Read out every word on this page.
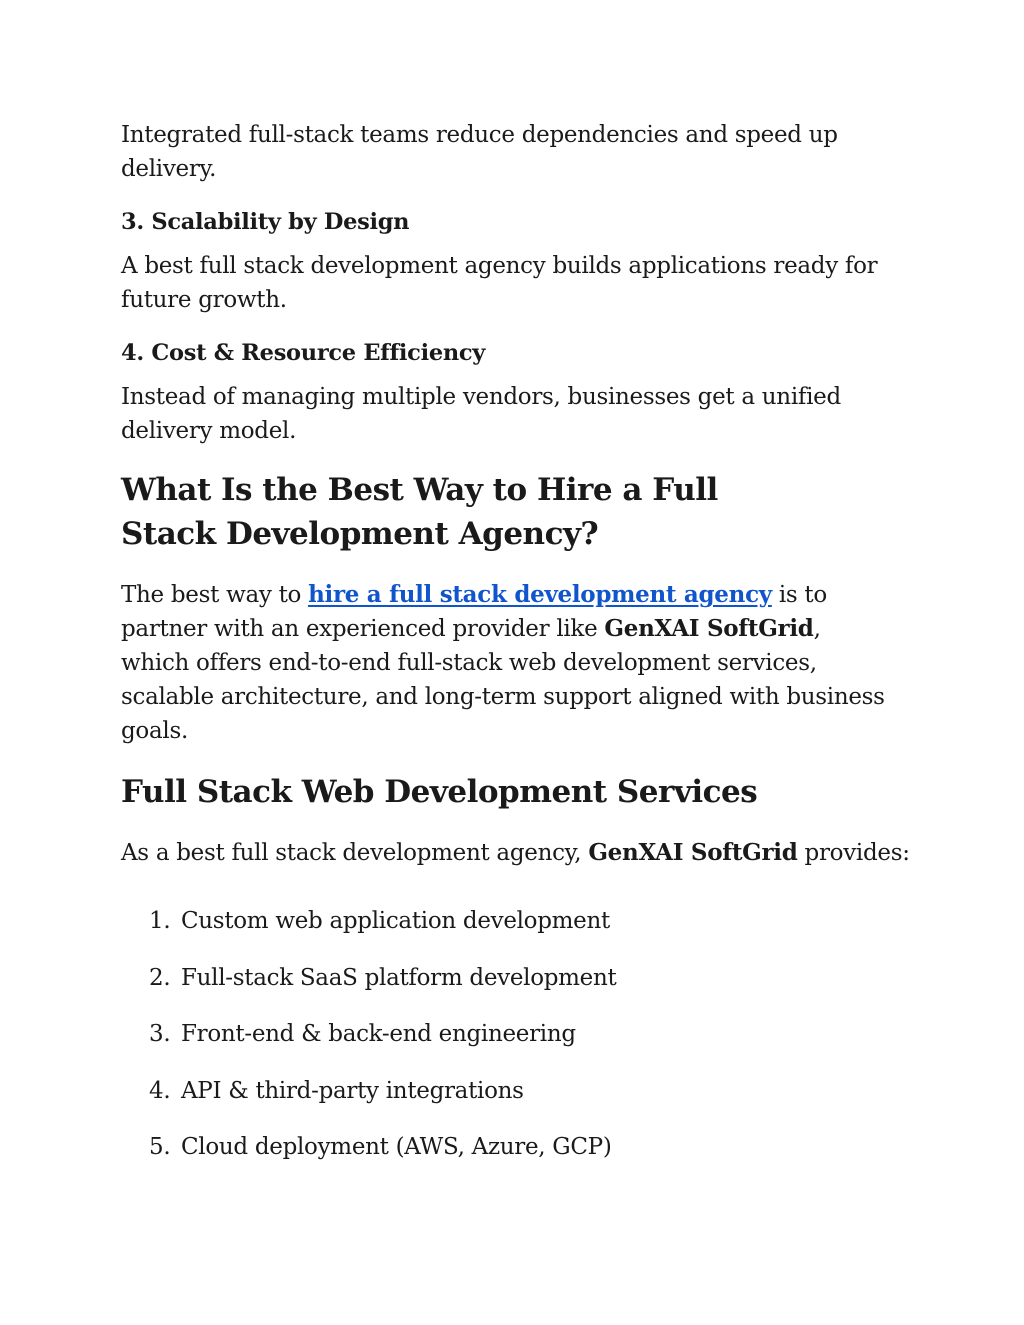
Integrated full-stack teams reduce dependencies and speed up delivery.

3. Scalability by Design

A best full stack development agency builds applications ready for future growth.

4. Cost & Resource Efficiency

Instead of managing multiple vendors, businesses get a unified delivery model.

What Is the Best Way to Hire a Full Stack Development Agency?

The best way to hire a full stack development agency is to partner with an experienced provider like GenXAI SoftGrid, which offers end-to-end full-stack web development services, scalable architecture, and long-term support aligned with business goals.

Full Stack Web Development Services

As a best full stack development agency, GenXAI SoftGrid provides:

1. Custom web application development
2. Full-stack SaaS platform development
3. Front-end & back-end engineering
4. API & third-party integrations
5. Cloud deployment (AWS, Azure, GCP)
